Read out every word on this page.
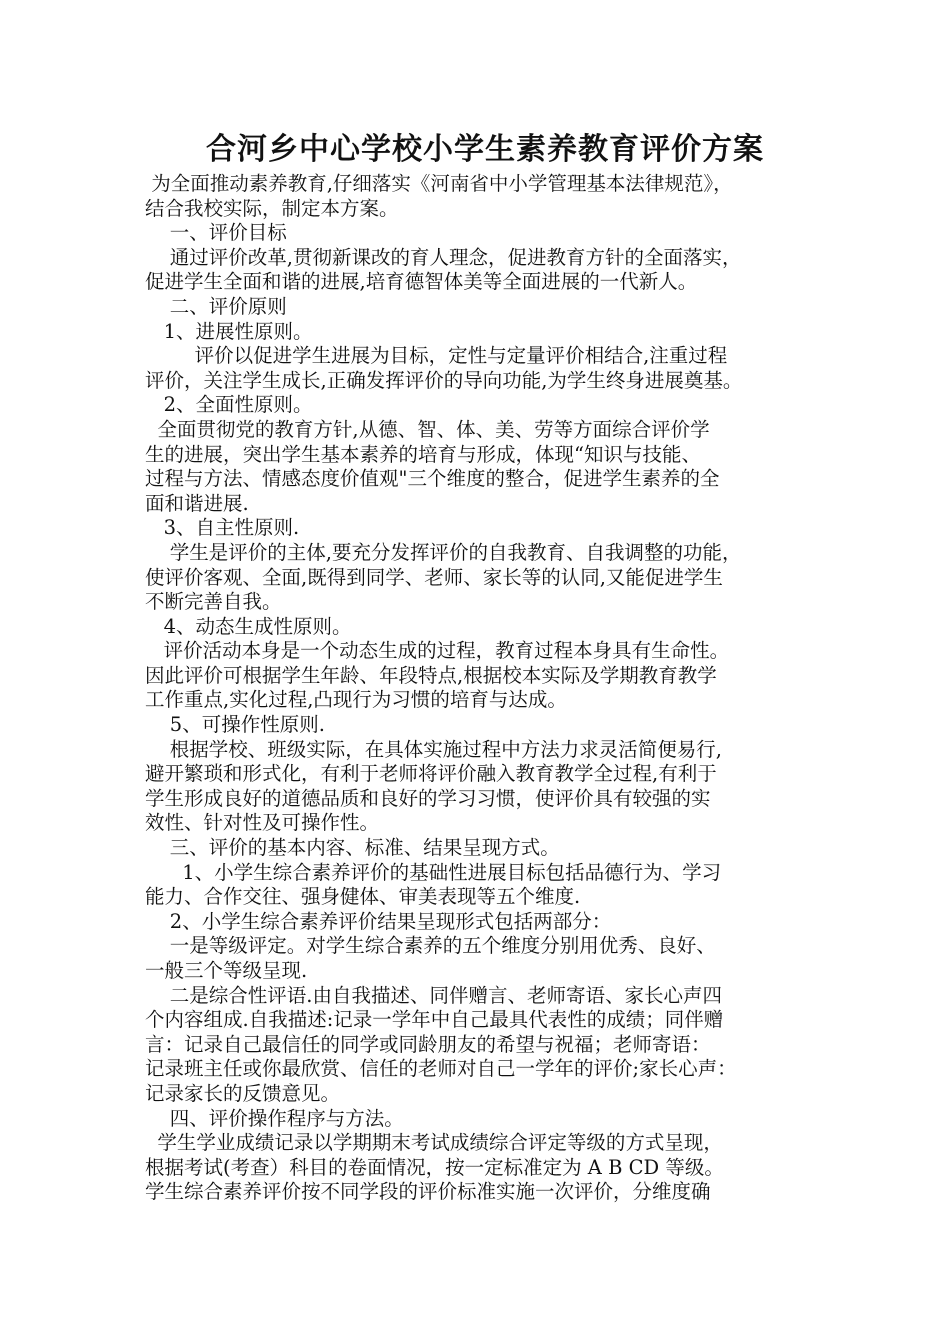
合河乡中心学校小学生素养教育评价方案
为全面推动素养教育,仔细落实《河南省中小学管理基本法律规范》，
结合我校实际，制定本方案。
一、评价目标
通过评价改革,贯彻新课改的育人理念，促进教育方针的全面落实，
促进学生全面和谐的进展,培育德智体美等全面进展的一代新人。
二、评价原则
1、进展性原则。
评价以促进学生进展为目标，定性与定量评价相结合,注重过程
评价，关注学生成长,正确发挥评价的导向功能,为学生终身进展奠基。
2、全面性原则。
全面贯彻党的教育方针,从德、智、体、美、劳等方面综合评价学
生的进展，突出学生基本素养的培育与形成，体现“知识与技能、
过程与方法、情感态度价值观"三个维度的整合，促进学生素养的全
面和谐进展.
3、自主性原则.
学生是评价的主体,要充分发挥评价的自我教育、自我调整的功能，
使评价客观、全面,既得到同学、老师、家长等的认同,又能促进学生
不断完善自我。
4、动态生成性原则。
评价活动本身是一个动态生成的过程，教育过程本身具有生命性。
因此评价可根据学生年龄、年段特点,根据校本实际及学期教育教学
工作重点,实化过程,凸现行为习惯的培育与达成。
5、可操作性原则.
根据学校、班级实际，在具体实施过程中方法力求灵活简便易行,
避开繁琐和形式化，有利于老师将评价融入教育教学全过程,有利于
学生形成良好的道德品质和良好的学习习惯，使评价具有较强的实
效性、针对性及可操作性。
三、评价的基本内容、标准、结果呈现方式。
1、小学生综合素养评价的基础性进展目标包括品德行为、学习
能力、合作交往、强身健体、审美表现等五个维度.
2、小学生综合素养评价结果呈现形式包括两部分：
一是等级评定。对学生综合素养的五个维度分别用优秀、良好、
一般三个等级呈现.
二是综合性评语.由自我描述、同伴赠言、老师寄语、家长心声四
个内容组成.自我描述:记录一学年中自己最具代表性的成绩；同伴赠
言：记录自己最信任的同学或同龄朋友的希望与祝福；老师寄语：
记录班主任或你最欣赏、信任的老师对自己一学年的评价;家长心声：
记录家长的反馈意见。
四、评价操作程序与方法。
学生学业成绩记录以学期期末考试成绩综合评定等级的方式呈现，
根据考试(考查）科目的卷面情况，按一定标准定为 A B CD 等级。
学生综合素养评价按不同学段的评价标准实施一次评价，分维度确
